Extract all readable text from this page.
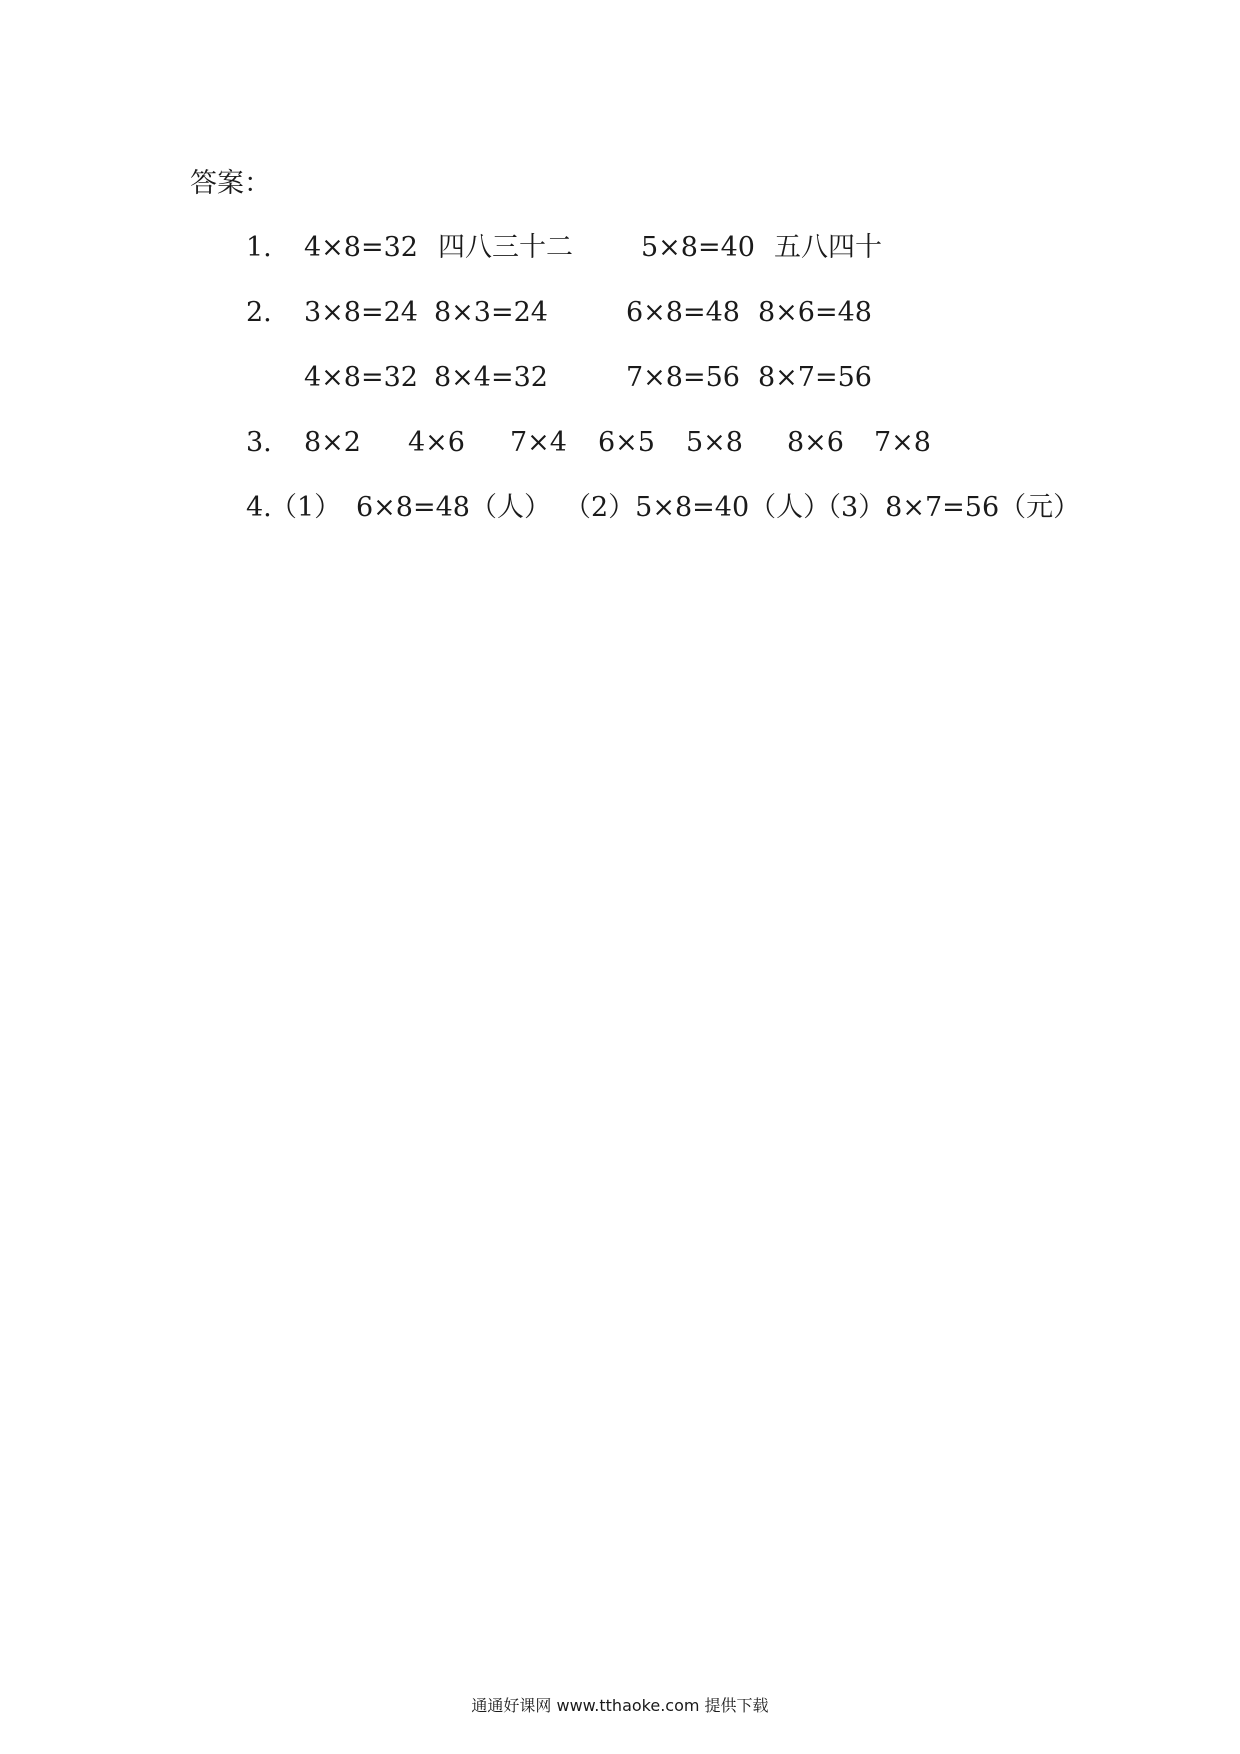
答案：
1. 4×8=32 四八三十二	5×8=40 五八四十
2. 3×8=24 8×3=24	6×8=48 8×6=48
4×8=32 8×4=32	7×8=56 8×7=56
3. 8×2 4×6 7×4 6×5 5×8 8×6 7×8
4.
（1） 6×8=48（人） （2）5×8=40（人）
（3）8×7=56（元）
通通好课网 www.tthaoke.com 提供下载
